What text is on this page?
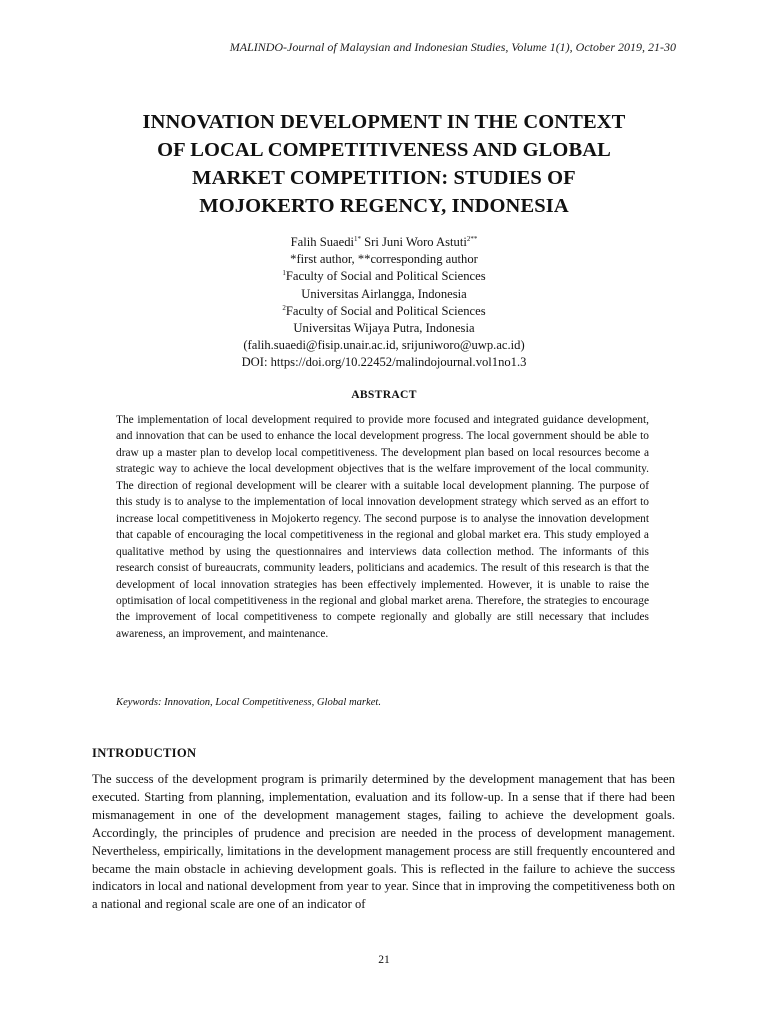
MALINDO-Journal of Malaysian and Indonesian Studies, Volume 1(1), October 2019, 21-30
INNOVATION DEVELOPMENT IN THE CONTEXT
OF LOCAL COMPETITIVENESS AND GLOBAL
MARKET COMPETITION: STUDIES OF
MOJOKERTO REGENCY, INDONESIA
Falih Suaedi$^{1*}$ Sri Juni Woro Astuti$^{2**}$
*first author, **corresponding author
$^1$Faculty of Social and Political Sciences
Universitas Airlangga, Indonesia
$^2$Faculty of Social and Political Sciences
Universitas Wijaya Putra, Indonesia
(falih.suaedi@fisip.unair.ac.id, srijuniworo@uwp.ac.id)
DOI: https://doi.org/10.22452/malindojournal.vol1no1.3
ABSTRACT
The implementation of local development required to provide more focused and integrated guidance development, and innovation that can be used to enhance the local development progress. The local government should be able to draw up a master plan to develop local competitiveness. The development plan based on local resources become a strategic way to achieve the local development objectives that is the welfare improvement of the local community. The direction of regional development will be clearer with a suitable local development planning. The purpose of this study is to analyse to the implementation of local innovation development strategy which served as an effort to increase local competitiveness in Mojokerto regency. The second purpose is to analyse the innovation development that capable of encouraging the local competitiveness in the regional and global market era. This study employed a qualitative method by using the questionnaires and interviews data collection method. The informants of this research consist of bureaucrats, community leaders, politicians and academics. The result of this research is that the development of local innovation strategies has been effectively implemented. However, it is unable to raise the optimisation of local competitiveness in the regional and global market arena. Therefore, the strategies to encourage the improvement of local competitiveness to compete regionally and globally are still necessary that includes awareness, an improvement, and maintenance.
Keywords: Innovation, Local Competitiveness, Global market.
INTRODUCTION
The success of the development program is primarily determined by the development management that has been executed. Starting from planning, implementation, evaluation and its follow-up. In a sense that if there had been mismanagement in one of the development management stages, failing to achieve the development goals. Accordingly, the principles of prudence and precision are needed in the process of development management. Nevertheless, empirically, limitations in the development management process are still frequently encountered and became the main obstacle in achieving development goals. This is reflected in the failure to achieve the success indicators in local and national development from year to year. Since that in improving the competitiveness both on a national and regional scale are one of an indicator of
21
